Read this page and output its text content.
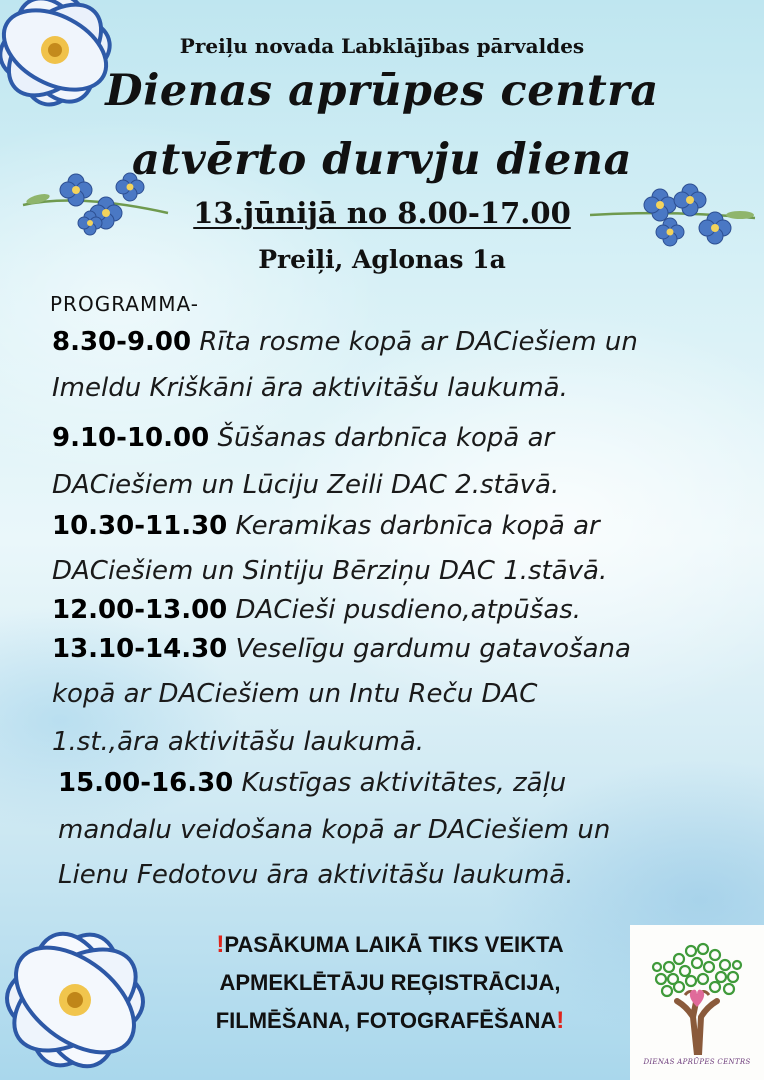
Preiļu novada Labklājības pārvaldes
Dienas aprūpes centra
atvērto durvju diena
13.jūnijā no 8.00-17.00
Preiļi, Aglonas 1a
PROGRAMMA-
8.30-9.00 Rīta rosme kopā ar DACiešiem un
Imeldu Kriškāni āra aktivitāšu laukumā.
9.10-10.00 Šūšanas darbnīca kopā ar
DACiešiem un Lūciju Zeili DAC 2.stāvā.
10.30-11.30 Keramikas darbnīca kopā ar
DACiešiem un Sintiju Bērziņu DAC 1.stāvā.
12.00-13.00 DACieši pusdieno,atpūšas.
13.10-14.30 Veselīgu gardumu gatavošana
kopā ar DACiešiem un Intu Reču DAC
1.st.,āra aktivitāšu laukumā.
15.00-16.30 Kustīgas aktivitātes, zāļu
mandalu veidošana kopā ar DACiešiem un
Lienu Fedotovu āra aktivitāšu laukumā.
!PASĀKUMA LAIKĀ TIKS VEIKTA
APMEKLĒTĀJU REĢISTRĀCIJA,
FILMĒŠANA, FOTOGRAFĒŠANA!
DIENAS APRŪPES CENTRS
